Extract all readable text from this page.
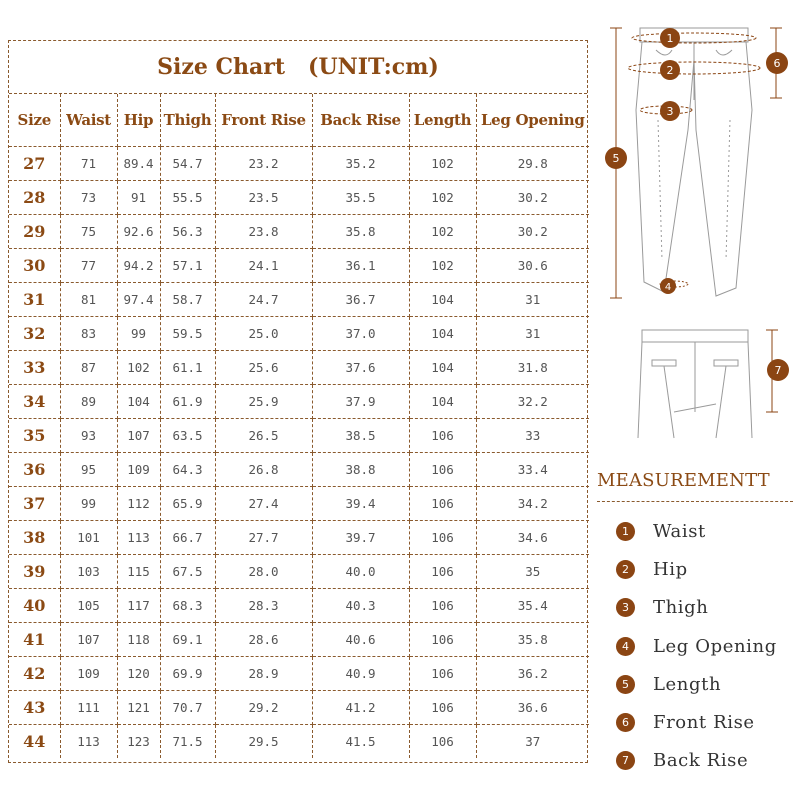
Size Chart   (UNIT:cm)
Size	Waist	Hip	Thigh	Front Rise	Back Rise	Length	Leg Opening
27	71	89.4	54.7	23.2	35.2	102	29.8
28	73	91	55.5	23.5	35.5	102	30.2
29	75	92.6	56.3	23.8	35.8	102	30.2
30	77	94.2	57.1	24.1	36.1	102	30.6
31	81	97.4	58.7	24.7	36.7	104	31
32	83	99	59.5	25.0	37.0	104	31
33	87	102	61.1	25.6	37.6	104	31.8
34	89	104	61.9	25.9	37.9	104	32.2
35	93	107	63.5	26.5	38.5	106	33
36	95	109	64.3	26.8	38.8	106	33.4
37	99	112	65.9	27.4	39.4	106	34.2
38	101	113	66.7	27.7	39.7	106	34.6
39	103	115	67.5	28.0	40.0	106	35
40	105	117	68.3	28.3	40.3	106	35.4
41	107	118	69.1	28.6	40.6	106	35.8
42	109	120	69.9	28.9	40.9	106	36.2
43	111	121	70.7	29.2	41.2	106	36.6
44	113	123	71.5	29.5	41.5	106	37
1
2
3
4
5
6
7
MEASUREMENTT
1	Waist
2	Hip
3	Thigh
4	Leg Opening
5	Length
6	Front Rise
7	Back Rise
